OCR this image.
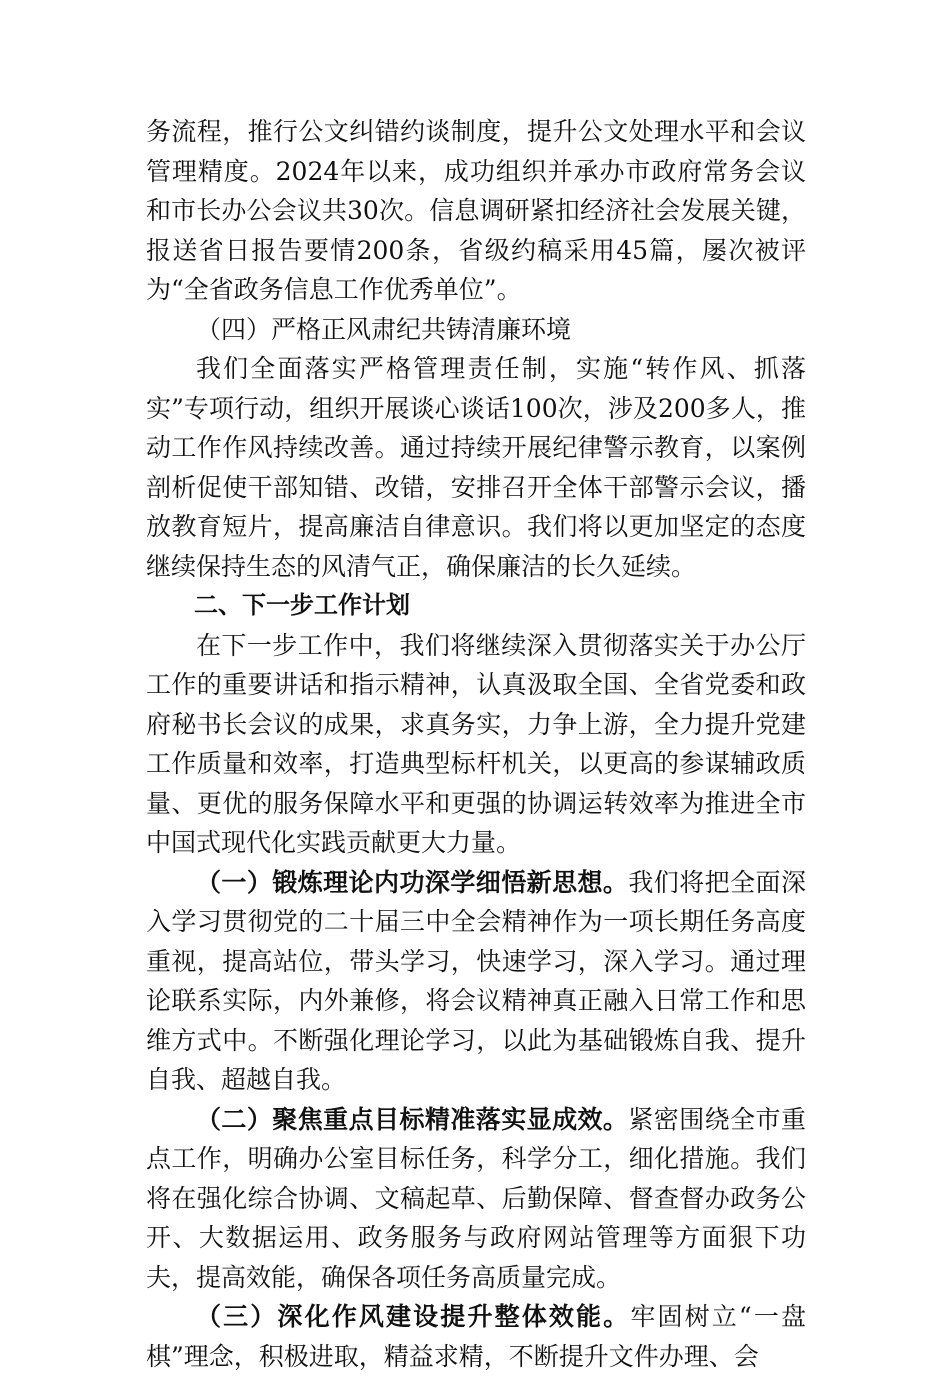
务流程，推行公文纠错约谈制度，提升公文处理水平和会议管理精度。2024年以来，成功组织并承办市政府常务会议和市长办公会议共30次。信息调研紧扣经济社会发展关键，报送省日报告要情200条，省级约稿采用45篇，屡次被评为“全省政务信息工作优秀单位”。

（四）严格正风肃纪共铸清廉环境

我们全面落实严格管理责任制，实施“转作风、抓落实”专项行动，组织开展谈心谈话100次，涉及200多人，推动工作作风持续改善。通过持续开展纪律警示教育，以案例剖析促使干部知错、改错，安排召开全体干部警示会议，播放教育短片，提高廉洁自律意识。我们将以更加坚定的态度继续保持生态的风清气正，确保廉洁的长久延续。

二、下一步工作计划

在下一步工作中，我们将继续深入贯彻落实关于办公厅工作的重要讲话和指示精神，认真汲取全国、全省党委和政府秘书长会议的成果，求真务实，力争上游，全力提升党建工作质量和效率，打造典型标杆机关，以更高的参谋辅政质量、更优的服务保障水平和更强的协调运转效率为推进全市中国式现代化实践贡献更大力量。

（一）锻炼理论内功深学细悟新思想。我们将把全面深入学习贯彻党的二十届三中全会精神作为一项长期任务高度重视，提高站位，带头学习，快速学习，深入学习。通过理论联系实际，内外兼修，将会议精神真正融入日常工作和思维方式中。不断强化理论学习，以此为基础锻炼自我、提升自我、超越自我。

（二）聚焦重点目标精准落实显成效。紧密围绕全市重点工作，明确办公室目标任务，科学分工，细化措施。我们将在强化综合协调、文稿起草、后勤保障、督查督办政务公开、大数据运用、政务服务与政府网站管理等方面狠下功夫，提高效能，确保各项任务高质量完成。

（三）深化作风建设提升整体效能。牢固树立“一盘棋”理念，积极进取，精益求精，不断提升文件办理、会
